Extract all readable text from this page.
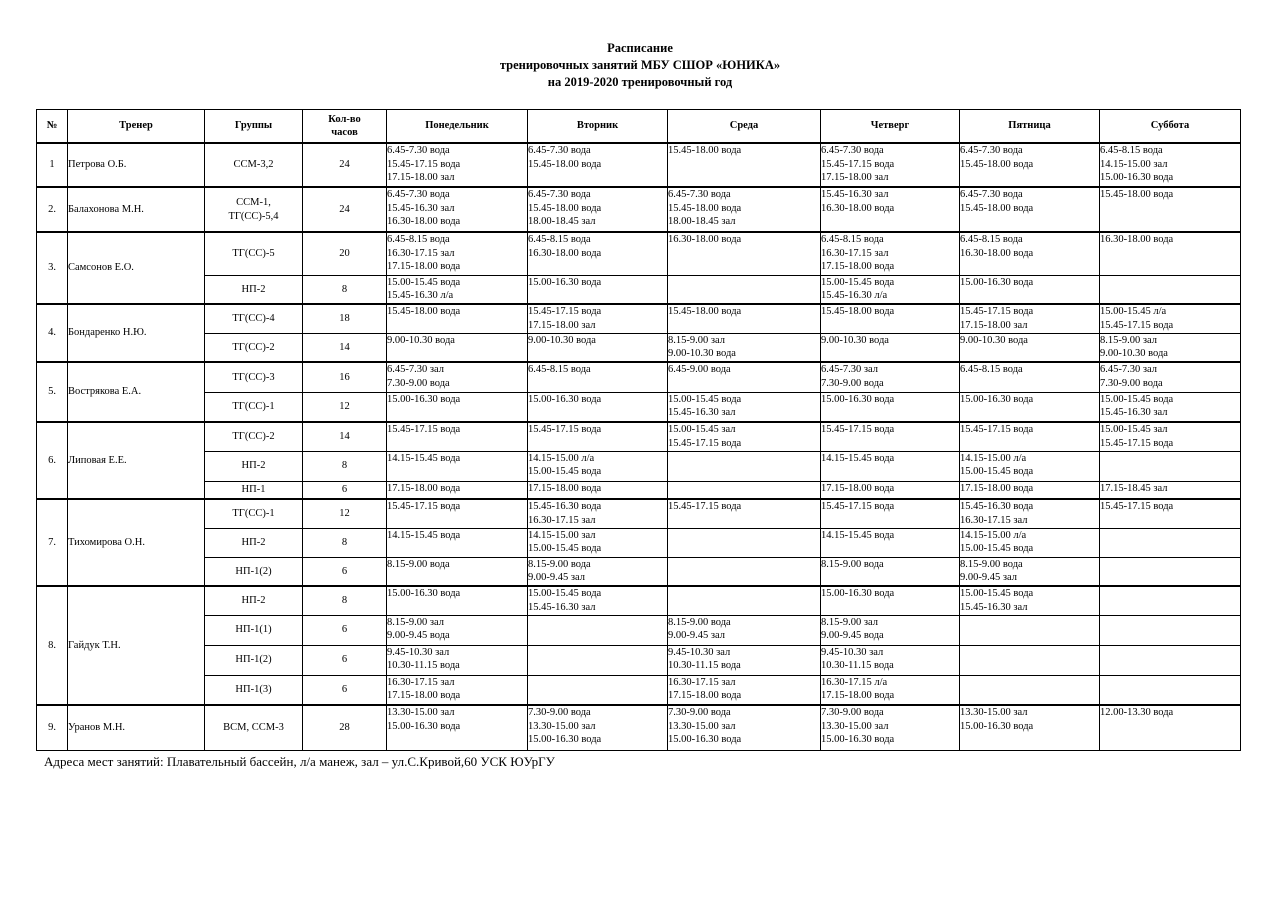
Расписание
тренировочных занятий МБУ СШОР «ЮНИКА»
на 2019-2020 тренировочный год
№	Тренер	Группы	Кол-во часов	Понедельник	Вторник	Среда	Четверг	Пятница	Суббота
1	Петрова О.Б.	ССМ-3,2	24	6.45-7.30 вода
15.45-17.15 вода
17.15-18.00 зал	6.45-7.30 вода
15.45-18.00 вода	15.45-18.00 вода	6.45-7.30 вода
15.45-17.15 вода
17.15-18.00 зал	6.45-7.30 вода
15.45-18.00 вода	6.45-8.15 вода
14.15-15.00 зал
15.00-16.30 вода

2.	Балахонова М.Н.	ССМ-1, ТГ(СС)-5,4	24	6.45-7.30 вода
15.45-16.30 зал
16.30-18.00 вода	6.45-7.30 вода
15.45-18.00 вода
18.00-18.45 зал	6.45-7.30 вода
15.45-18.00 вода
18.00-18.45 зал	15.45-16.30 зал
16.30-18.00 вода	6.45-7.30 вода
15.45-18.00 вода	15.45-18.00 вода

3.	Самсонов Е.О.	ТГ(СС)-5	20	6.45-8.15 вода
16.30-17.15 зал
17.15-18.00 вода	6.45-8.15 вода
16.30-18.00 вода	16.30-18.00 вода	6.45-8.15 вода
16.30-17.15 зал
17.15-18.00 вода	6.45-8.15 вода
16.30-18.00 вода	16.30-18.00 вода

		НП-2	8	15.00-15.45 вода
15.45-16.30 л/а	15.00-16.30 вода		15.00-15.45 вода
15.45-16.30 л/а	15.00-16.30 вода	

4.	Бондаренко Н.Ю.	ТГ(СС)-4	18	15.45-18.00 вода	15.45-17.15 вода
17.15-18.00 зал	15.45-18.00 вода	15.45-18.00 вода	15.45-17.15 вода
17.15-18.00 зал	15.00-15.45 л/а
15.45-17.15 вода

		ТГ(СС)-2	14	9.00-10.30 вода	9.00-10.30 вода	8.15-9.00 зал
9.00-10.30 вода	9.00-10.30 вода	9.00-10.30 вода	8.15-9.00 зал
9.00-10.30 вода

5.	Вострякова Е.А.	ТГ(СС)-3	16	6.45-7.30 зал
7.30-9.00 вода	6.45-8.15 вода	6.45-9.00 вода	6.45-7.30 зал
7.30-9.00 вода	6.45-8.15 вода	6.45-7.30 зал
7.30-9.00 вода

		ТГ(СС)-1	12	15.00-16.30 вода	15.00-16.30 вода	15.00-15.45 вода
15.45-16.30 зал	15.00-16.30 вода	15.00-16.30 вода	15.00-15.45 вода
15.45-16.30 зал

6.	Липовая Е.Е.	ТГ(СС)-2	14	15.45-17.15 вода	15.45-17.15 вода	15.00-15.45 зал
15.45-17.15 вода	15.45-17.15 вода	15.45-17.15 вода	15.00-15.45 зал
15.45-17.15 вода

		НП-2	8	14.15-15.45 вода	14.15-15.00 л/а
15.00-15.45 вода		14.15-15.45 вода	14.15-15.00 л/а
15.00-15.45 вода	

		НП-1	6	17.15-18.00 вода	17.15-18.00 вода		17.15-18.00 вода	17.15-18.00 вода	17.15-18.45 зал

7.	Тихомирова О.Н.	ТГ(СС)-1	12	15.45-17.15 вода	15.45-16.30 вода
16.30-17.15 зал	15.45-17.15 вода	15.45-17.15 вода	15.45-16.30 вода
16.30-17.15 зал	15.45-17.15 вода

		НП-2	8	14.15-15.45 вода	14.15-15.00 зал
15.00-15.45 вода		14.15-15.45 вода	14.15-15.00 л/а
15.00-15.45 вода	

		НП-1(2)	6	8.15-9.00 вода	8.15-9.00 вода
9.00-9.45 зал		8.15-9.00 вода	8.15-9.00 вода
9.00-9.45 зал	

8.	Гайдук Т.Н.	НП-2	8	15.00-16.30 вода	15.00-15.45 вода
15.45-16.30 зал		15.00-16.30 вода	15.00-15.45 вода
15.45-16.30 зал	

		НП-1(1)	6	8.15-9.00 зал
9.00-9.45 вода		8.15-9.00 вода
9.00-9.45 зал	8.15-9.00 зал
9.00-9.45 вода		

		НП-1(2)	6	9.45-10.30 зал
10.30-11.15 вода		9.45-10.30 зал
10.30-11.15 вода	9.45-10.30 зал
10.30-11.15 вода		

		НП-1(3)	6	16.30-17.15 зал
17.15-18.00 вода		16.30-17.15 зал
17.15-18.00 вода	16.30-17.15 л/а
17.15-18.00 вода		

9.	Уранов М.Н.	ВСМ, ССМ-3	28	13.30-15.00 зал
15.00-16.30 вода	7.30-9.00 вода
13.30-15.00 зал
15.00-16.30 вода	7.30-9.00 вода
13.30-15.00 зал
15.00-16.30 вода	7.30-9.00 вода
13.30-15.00 зал
15.00-16.30 вода	13.30-15.00 зал
15.00-16.30 вода	12.00-13.30 вода
Адреса мест занятий: Плавательный бассейн, л/а манеж, зал – ул.С.Кривой,60 УСК ЮУрГУ
